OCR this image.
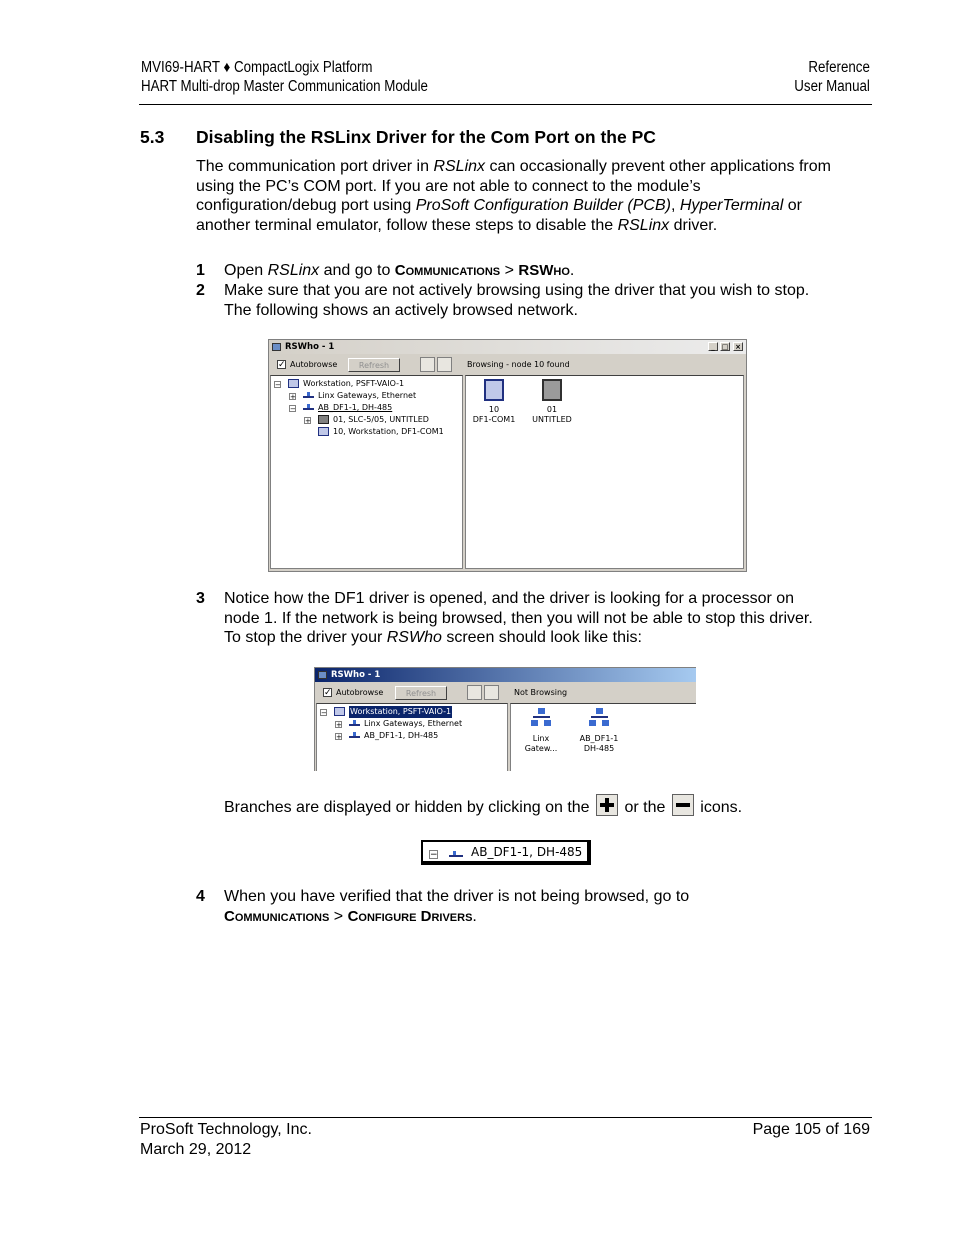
MVI69-HART ♦ CompactLogix Platform
HART Multi-drop Master Communication Module
Reference
User Manual
5.3 Disabling the RSLinx Driver for the Com Port on the PC
The communication port driver in RSLinx can occasionally prevent other applications from using the PC’s COM port. If you are not able to connect to the module’s configuration/debug port using ProSoft Configuration Builder (PCB), HyperTerminal or another terminal emulator, follow these steps to disable the RSLinx driver.
1 Open RSLinx and go to Communications > RSWho.
2 Make sure that you are not actively browsing using the driver that you wish to stop. The following shows an actively browsed network.
RSWho - 1	_ □ ×
✓ Autobrowse	Refresh	Browsing - node 10 found
−	Workstation, PSFT-VAIO-1
+	Linx Gateways, Ethernet
−	AB_DF1-1, DH-485
+	01, SLC-5/05, UNTITLED
10, Workstation, DF1-COM1
10
DF1-COM1
01
UNTITLED
3 Notice how the DF1 driver is opened, and the driver is looking for a processor on node 1. If the network is being browsed, then you will not be able to stop this driver. To stop the driver your RSWho screen should look like this:
RSWho - 1
✓ Autobrowse	Refresh	Not Browsing
−	Workstation, PSFT-VAIO-1
+	Linx Gateways, Ethernet
+	AB_DF1-1, DH-485	Linx
Gatew...
AB_DF1-1
DH-485
Branches are displayed or hidden by clicking on the
or the
icons.
−	AB_DF1-1, DH-485
4 When you have verified that the driver is not being browsed, go to
Communications > Configure Drivers.
ProSoft Technology, Inc.
March 29, 2012
Page 105 of 169
